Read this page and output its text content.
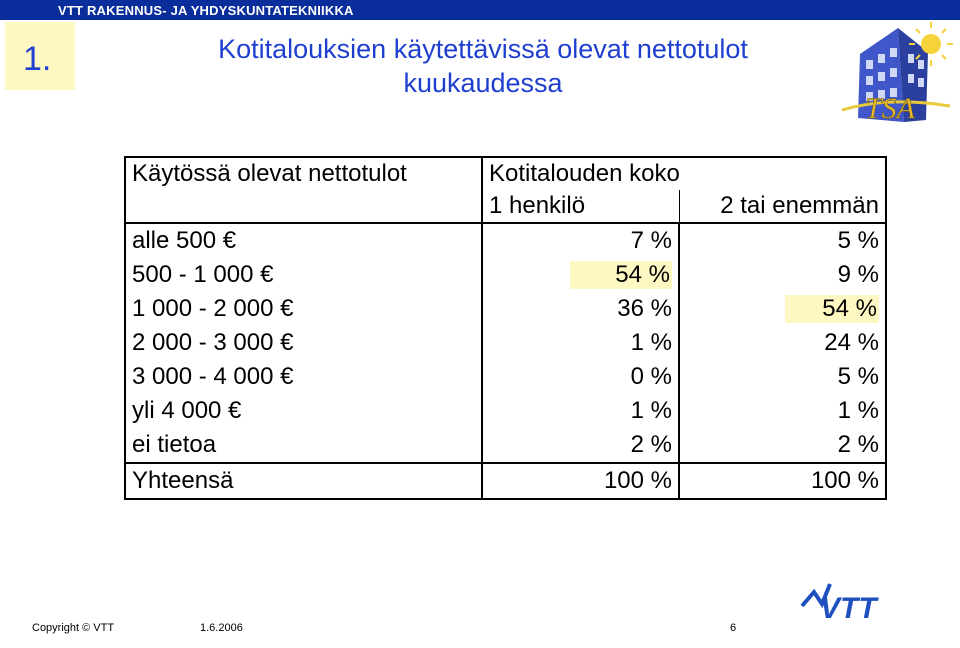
VTT RAKENNUS- JA YHDYSKUNTATEKNIIKKA
1.	Kotitalouksien käytettävissä olevat nettotulot
kuukaudessa
TSA
Käytössä olevat nettotulot	Kotitalouden koko	
	1 henkilö	2 tai enemmän
alle 500 €	7 %	5 %
500 - 1 000 €	54 %	9 %
1 000 - 2 000 €	36 %	54 %
2 000 - 3 000 €	1 %	24 %
3 000 - 4 000 €	0 %	5 %
yli 4 000 €	1 %	1 %
ei tietoa	2 %	2 %
Yhteensä	100 %	100 %
Copyright © VTT	1.6.2006	6
VTT
